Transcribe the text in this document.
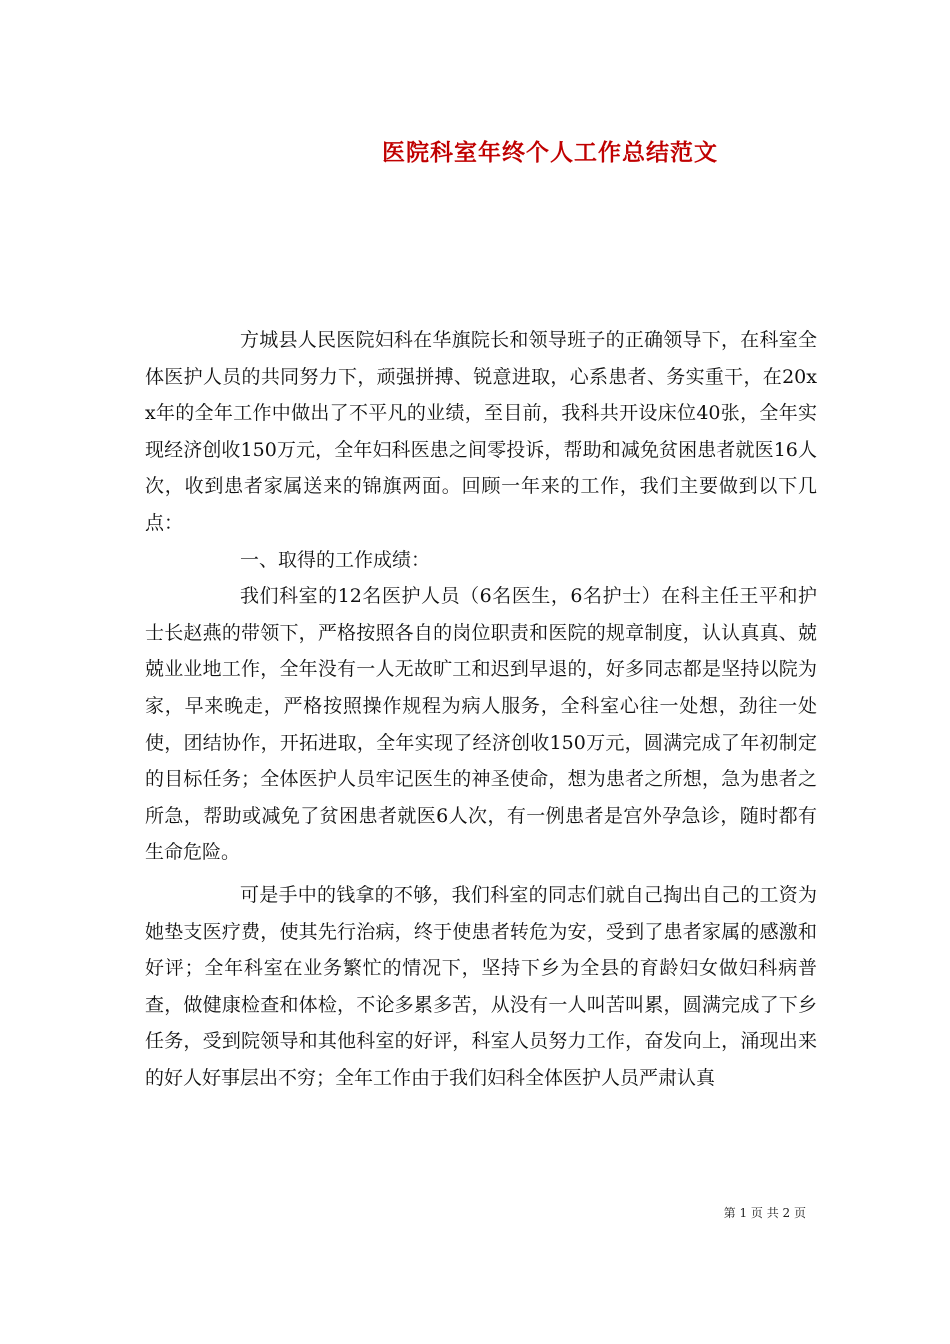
医院科室年终个人工作总结范文

方城县人民医院妇科在华旗院长和领导班子的正确领导下，在科室全体医护人员的共同努力下，顽强拼搏、锐意进取，心系患者、务实重干，在20xx年的全年工作中做出了不平凡的业绩，至目前，我科共开设床位40张，全年实现经济创收150万元，全年妇科医患之间零投诉，帮助和减免贫困患者就医16人次，收到患者家属送来的锦旗两面。回顾一年来的工作，我们主要做到以下几点：

一、取得的工作成绩：

我们科室的12名医护人员（6名医生，6名护士）在科主任王平和护士长赵燕的带领下，严格按照各自的岗位职责和医院的规章制度，认认真真、兢兢业业地工作，全年没有一人无故旷工和迟到早退的，好多同志都是坚持以院为家，早来晚走，严格按照操作规程为病人服务，全科室心往一处想，劲往一处使，团结协作，开拓进取，全年实现了经济创收150万元，圆满完成了年初制定的目标任务；全体医护人员牢记医生的神圣使命，想为患者之所想，急为患者之所急，帮助或减免了贫困患者就医6人次，有一例患者是宫外孕急诊，随时都有生命危险。

可是手中的钱拿的不够，我们科室的同志们就自己掏出自己的工资为她垫支医疗费，使其先行治病，终于使患者转危为安，受到了患者家属的感激和好评；全年科室在业务繁忙的情况下，坚持下乡为全县的育龄妇女做妇科病普查，做健康检查和体检，不论多累多苦，从没有一人叫苦叫累，圆满完成了下乡任务，受到院领导和其他科室的好评，科室人员努力工作，奋发向上，涌现出来的好人好事层出不穷；全年工作由于我们妇科全体医护人员严肃认真

第 1 页 共 2 页
